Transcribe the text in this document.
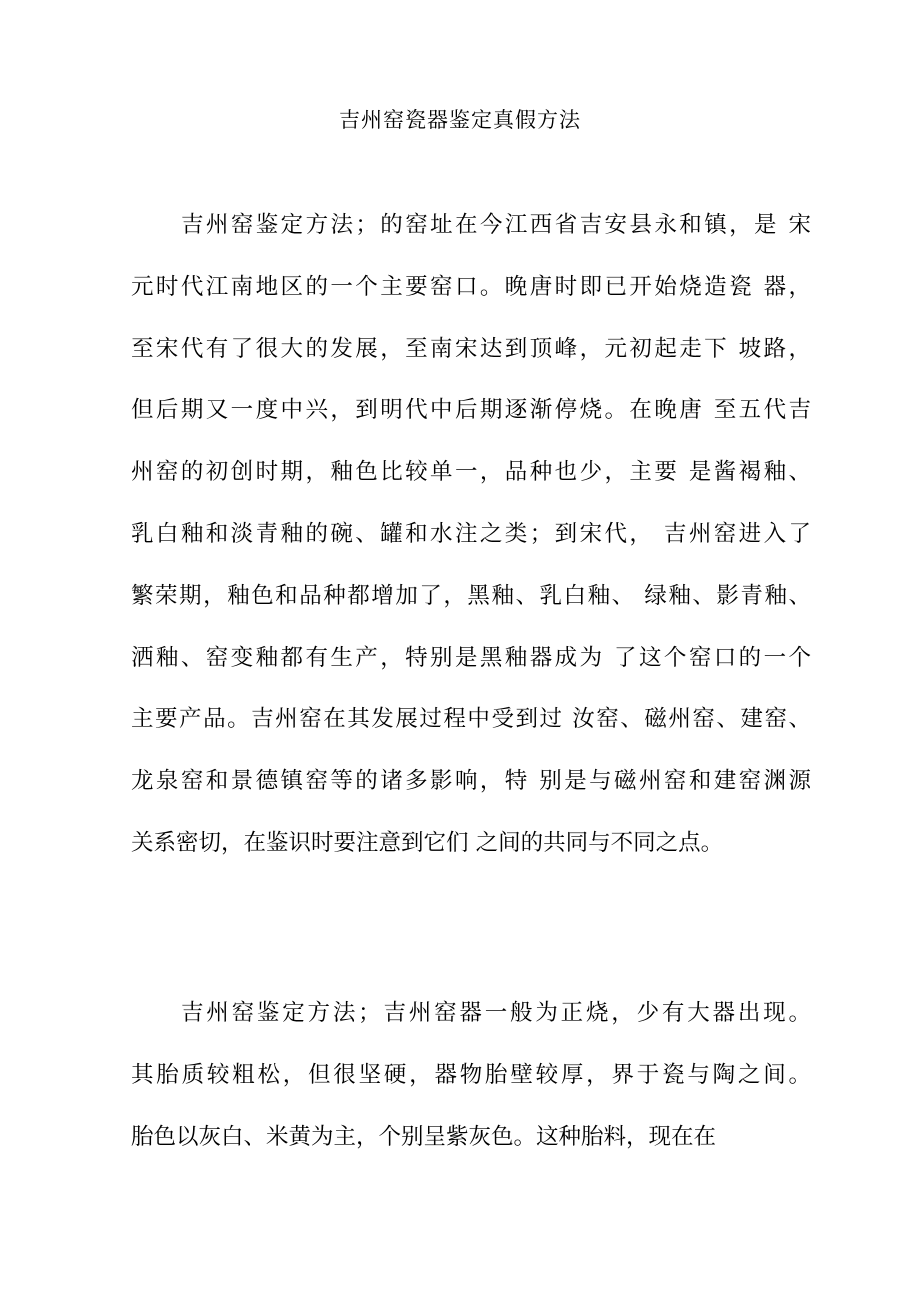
吉州窑瓷器鉴定真假方法
吉州窑鉴定方法；的窑址在今江西省吉安县永和镇，是 宋
元时代江南地区的一个主要窑口。晚唐时即已开始烧造瓷 器，
至宋代有了很大的发展，至南宋达到顶峰，元初起走下 坡路，
但后期又一度中兴，到明代中后期逐渐停烧。在晚唐 至五代吉
州窑的初创时期，釉色比较单一，品种也少，主要 是酱褐釉、
乳白釉和淡青釉的碗、罐和水注之类；到宋代， 吉州窑进入了
繁荣期，釉色和品种都增加了，黑釉、乳白釉、 绿釉、影青釉、
洒釉、窑变釉都有生产，特别是黑釉器成为 了这个窑口的一个
主要产品。吉州窑在其发展过程中受到过 汝窑、磁州窑、建窑、
龙泉窑和景德镇窑等的诸多影响，特 别是与磁州窑和建窑渊源
关系密切，在鉴识时要注意到它们 之间的共同与不同之点。
吉州窑鉴定方法；吉州窑器一般为正烧，少有大器出现。
其胎质较粗松，但很坚硬，器物胎壁较厚，界于瓷与陶之间。
胎色以灰白、米黄为主，个别呈紫灰色。这种胎料，现在在
